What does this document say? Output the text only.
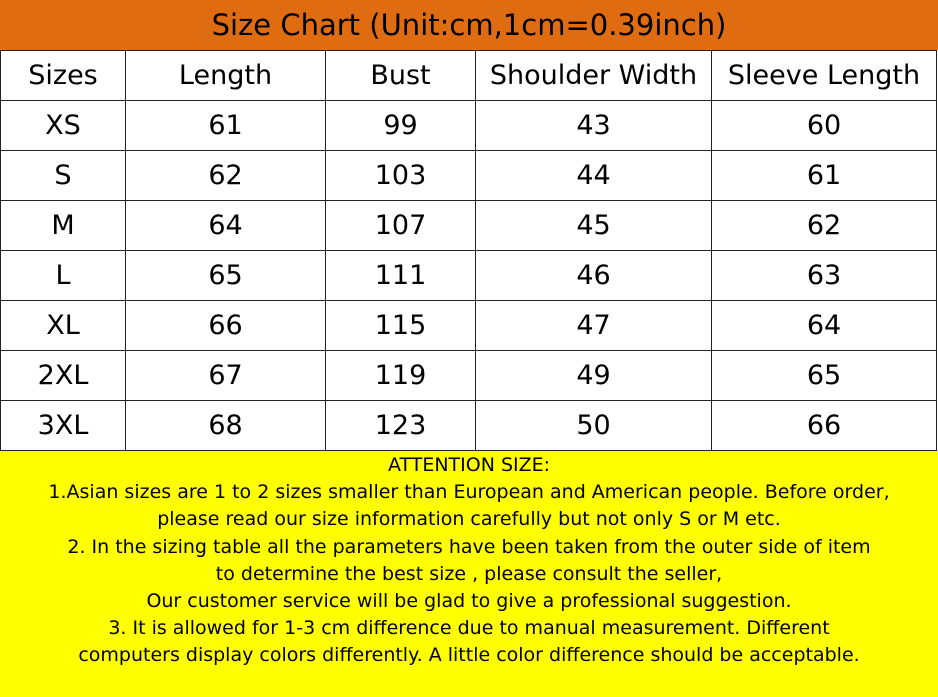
Size Chart (Unit:cm,1cm=0.39inch)
Sizes	Length	Bust	Shoulder Width	Sleeve Length
XS	61	99	43	60
S	62	103	44	61
M	64	107	45	62
L	65	111	46	63
XL	66	115	47	64
2XL	67	119	49	65
3XL	68	123	50	66
ATTENTION SIZE:
1.Asian sizes are 1 to 2 sizes smaller than European and American people. Before order,
please read our size information carefully but not only S or M etc.
2. In the sizing table all the parameters have been taken from the outer side of item
to determine the best size , please consult the seller,
Our customer service will be glad to give a professional suggestion.
3. It is allowed for 1-3 cm difference due to manual measurement. Different
computers display colors differently. A little color difference should be acceptable.
